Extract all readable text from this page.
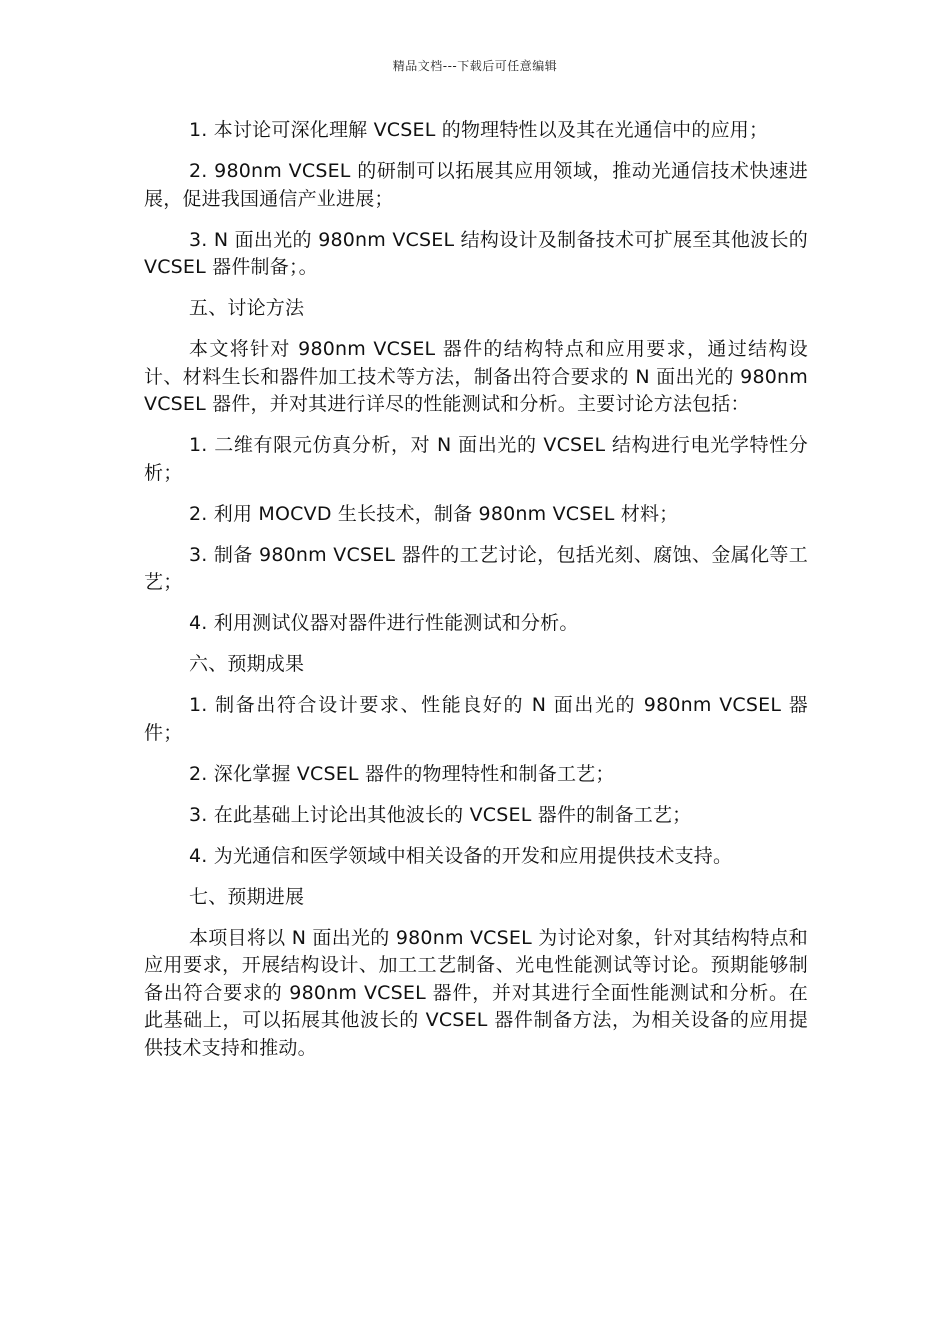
精品文档---下载后可任意编辑

1. 本讨论可深化理解 VCSEL 的物理特性以及其在光通信中的应用；

2. 980nm VCSEL 的研制可以拓展其应用领域，推动光通信技术快速进展，促进我国通信产业进展；

3. N 面出光的 980nm VCSEL 结构设计及制备技术可扩展至其他波长的 VCSEL 器件制备；。

五、讨论方法

本文将针对 980nm VCSEL 器件的结构特点和应用要求，通过结构设计、材料生长和器件加工技术等方法，制备出符合要求的 N 面出光的 980nm VCSEL 器件，并对其进行详尽的性能测试和分析。主要讨论方法包括：

1. 二维有限元仿真分析，对 N 面出光的 VCSEL 结构进行电光学特性分析；

2. 利用 MOCVD 生长技术，制备 980nm VCSEL 材料；

3. 制备 980nm VCSEL 器件的工艺讨论，包括光刻、腐蚀、金属化等工艺；

4. 利用测试仪器对器件进行性能测试和分析。

六、预期成果

1. 制备出符合设计要求、性能良好的 N 面出光的 980nm VCSEL 器件；

2. 深化掌握 VCSEL 器件的物理特性和制备工艺；

3. 在此基础上讨论出其他波长的 VCSEL 器件的制备工艺；

4. 为光通信和医学领域中相关设备的开发和应用提供技术支持。

七、预期进展

本项目将以 N 面出光的 980nm VCSEL 为讨论对象，针对其结构特点和应用要求，开展结构设计、加工工艺制备、光电性能测试等讨论。预期能够制备出符合要求的 980nm VCSEL 器件，并对其进行全面性能测试和分析。在此基础上，可以拓展其他波长的 VCSEL 器件制备方法，为相关设备的应用提供技术支持和推动。
